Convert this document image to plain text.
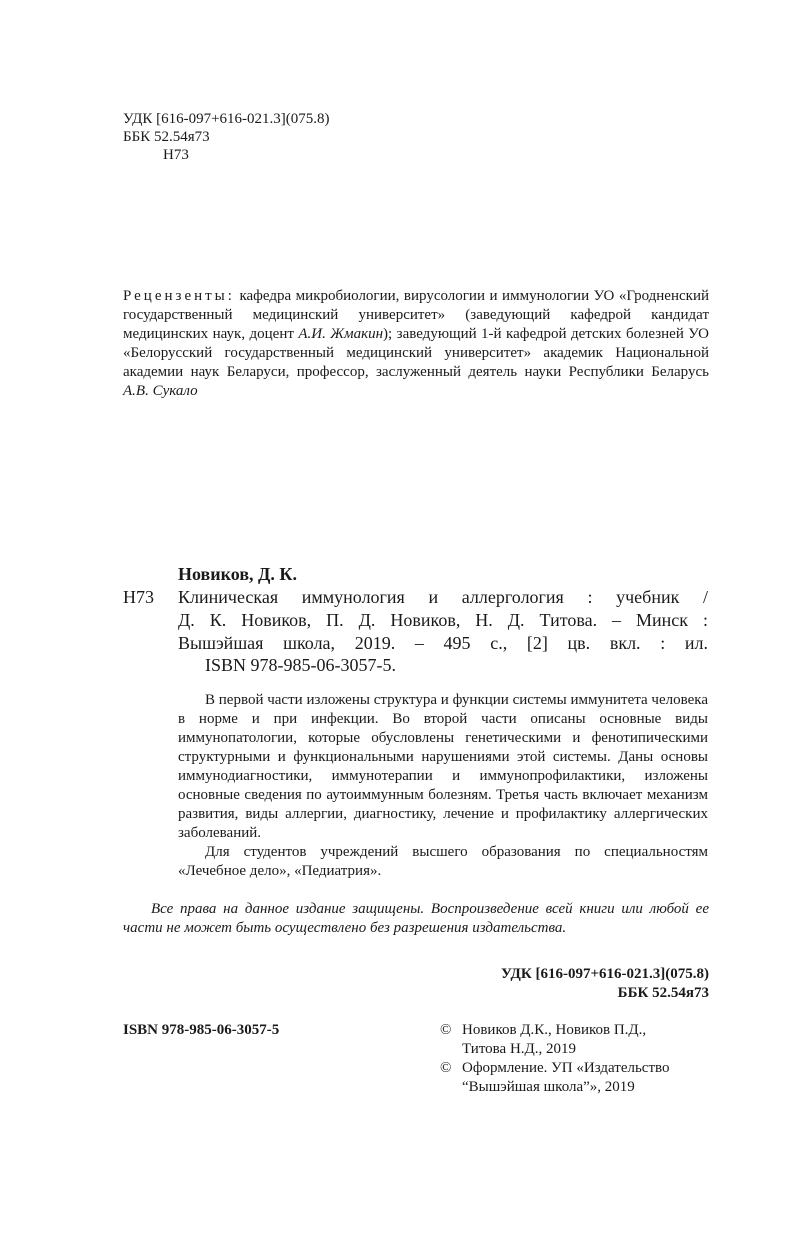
УДК [616-097+616-021.3](075.8)
ББК 52.54я73
Н73

Рецензенты: кафедра микробиологии, вирусологии и иммунологии УО «Гродненский государственный медицинский университет» (заведующий кафедрой кандидат медицинских наук, доцент А.И. Жмакин); заведующий 1-й кафедрой детских болезней УО «Белорусский государственный медицинский университет» академик Национальной академии наук Беларуси, профессор, заслуженный деятель науки Республики Беларусь А.В. Сукало

Новиков, Д. К.
Н73 Клиническая иммунология и аллергология : учебник /
Д. К. Новиков, П. Д. Новиков, Н. Д. Титова. – Минск :
Вышэйшая школа, 2019. – 495 с., [2] цв. вкл. : ил.
ISBN 978-985-06-3057-5.

В первой части изложены структура и функции системы иммунитета человека в норме и при инфекции. Во второй части описаны основные виды иммунопатологии, которые обусловлены генетическими и фенотипическими структурными и функциональными нарушениями этой системы. Даны основы иммунодиагностики, иммунотерапии и иммунопрофилактики, изложены основные сведения по аутоиммунным болезням. Третья часть включает механизм развития, виды аллергии, диагностику, лечение и профилактику аллергических заболеваний.

Для студентов учреждений высшего образования по специальностям «Лечебное дело», «Педиатрия».

Все права на данное издание защищены. Воспроизведение всей книги или любой ее части не может быть осуществлено без разрешения издательства.

УДК [616-097+616-021.3](075.8)
ББК 52.54я73
ISBN 978-985-06-3057-5	© Новиков Д.К., Новиков П.Д.,
Титова Н.Д., 2019
© Оформление. УП «Издательство
“Вышэйшая школа”», 2019
